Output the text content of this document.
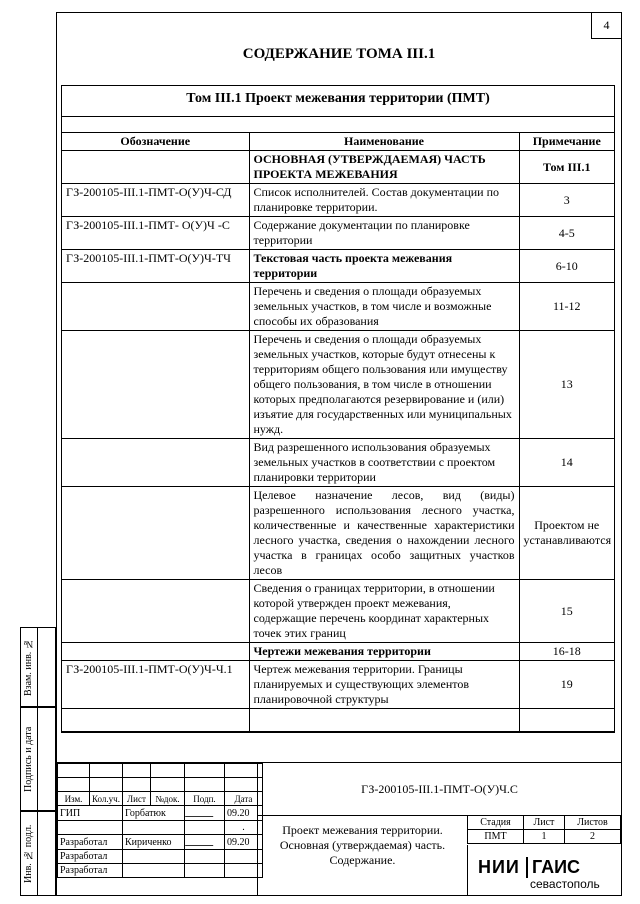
4
СОДЕРЖАНИЕ ТОМА III.1
Том III.1 Проект межевания территории (ПМТ)
Обозначение	Наименование	Примечание
	ОСНОВНАЯ (УТВЕРЖДАЕМАЯ) ЧАСТЬ ПРОЕКТА МЕЖЕВАНИЯ	Том III.1
ГЗ-200105-III.1-ПМТ-О(У)Ч-СД	Список исполнителей. Состав документации по планировке территории.	3
ГЗ-200105-III.1-ПМТ- О(У)Ч -С	Содержание документации по планировке территории	4-5
ГЗ-200105-III.1-ПМТ-О(У)Ч-ТЧ	Текстовая часть проекта межевания территории	6-10
	Перечень и сведения о площади образуемых земельных участков, в том числе и возможные способы их образования	11-12
	Перечень и сведения о площади образуемых земельных участков, которые будут отнесены к территориям общего пользования или имуществу общего пользования, в том числе в отношении которых предполагаются резервирование и (или) изъятие для государственных или муниципальных нужд.	13
	Вид разрешенного использования образуемых земельных участков в соответствии с проектом планировки территории	14
	Целевое назначение лесов, вид (виды) разрешенного использования лесного участка, количественные и качественные характеристики лесного участка, сведения о нахождении лесного участка в границах особо защитных участков лесов	Проектом не устанавливаются
	Сведения о границах территории, в отношении которой утвержден проект межевания, содержащие перечень координат характерных точек этих границ	15
	Чертежи межевания территории	16-18
ГЗ-200105-III.1-ПМТ-О(У)Ч-Ч.1	Чертеж межевания территории. Границы планируемых и существующих элементов планировочной структуры	19

Изм.	Кол.уч.	Лист	№док.	Подп.	Дата
ГИП		Горбатюк			09.20
					.
Разработал		Кириченко			09.20
Разработал					
Разработал					
ГЗ-200105-III.1-ПМТ-О(У)Ч.С
Проект межевания территории.
Основная (утверждаемая) часть.
Содержание.
Стадия	Лист	Листов
ПМТ	1	2
НИИ ГАИС
севастополь
Взам. инв. №
Подпись и дата
Инв. № подл.
